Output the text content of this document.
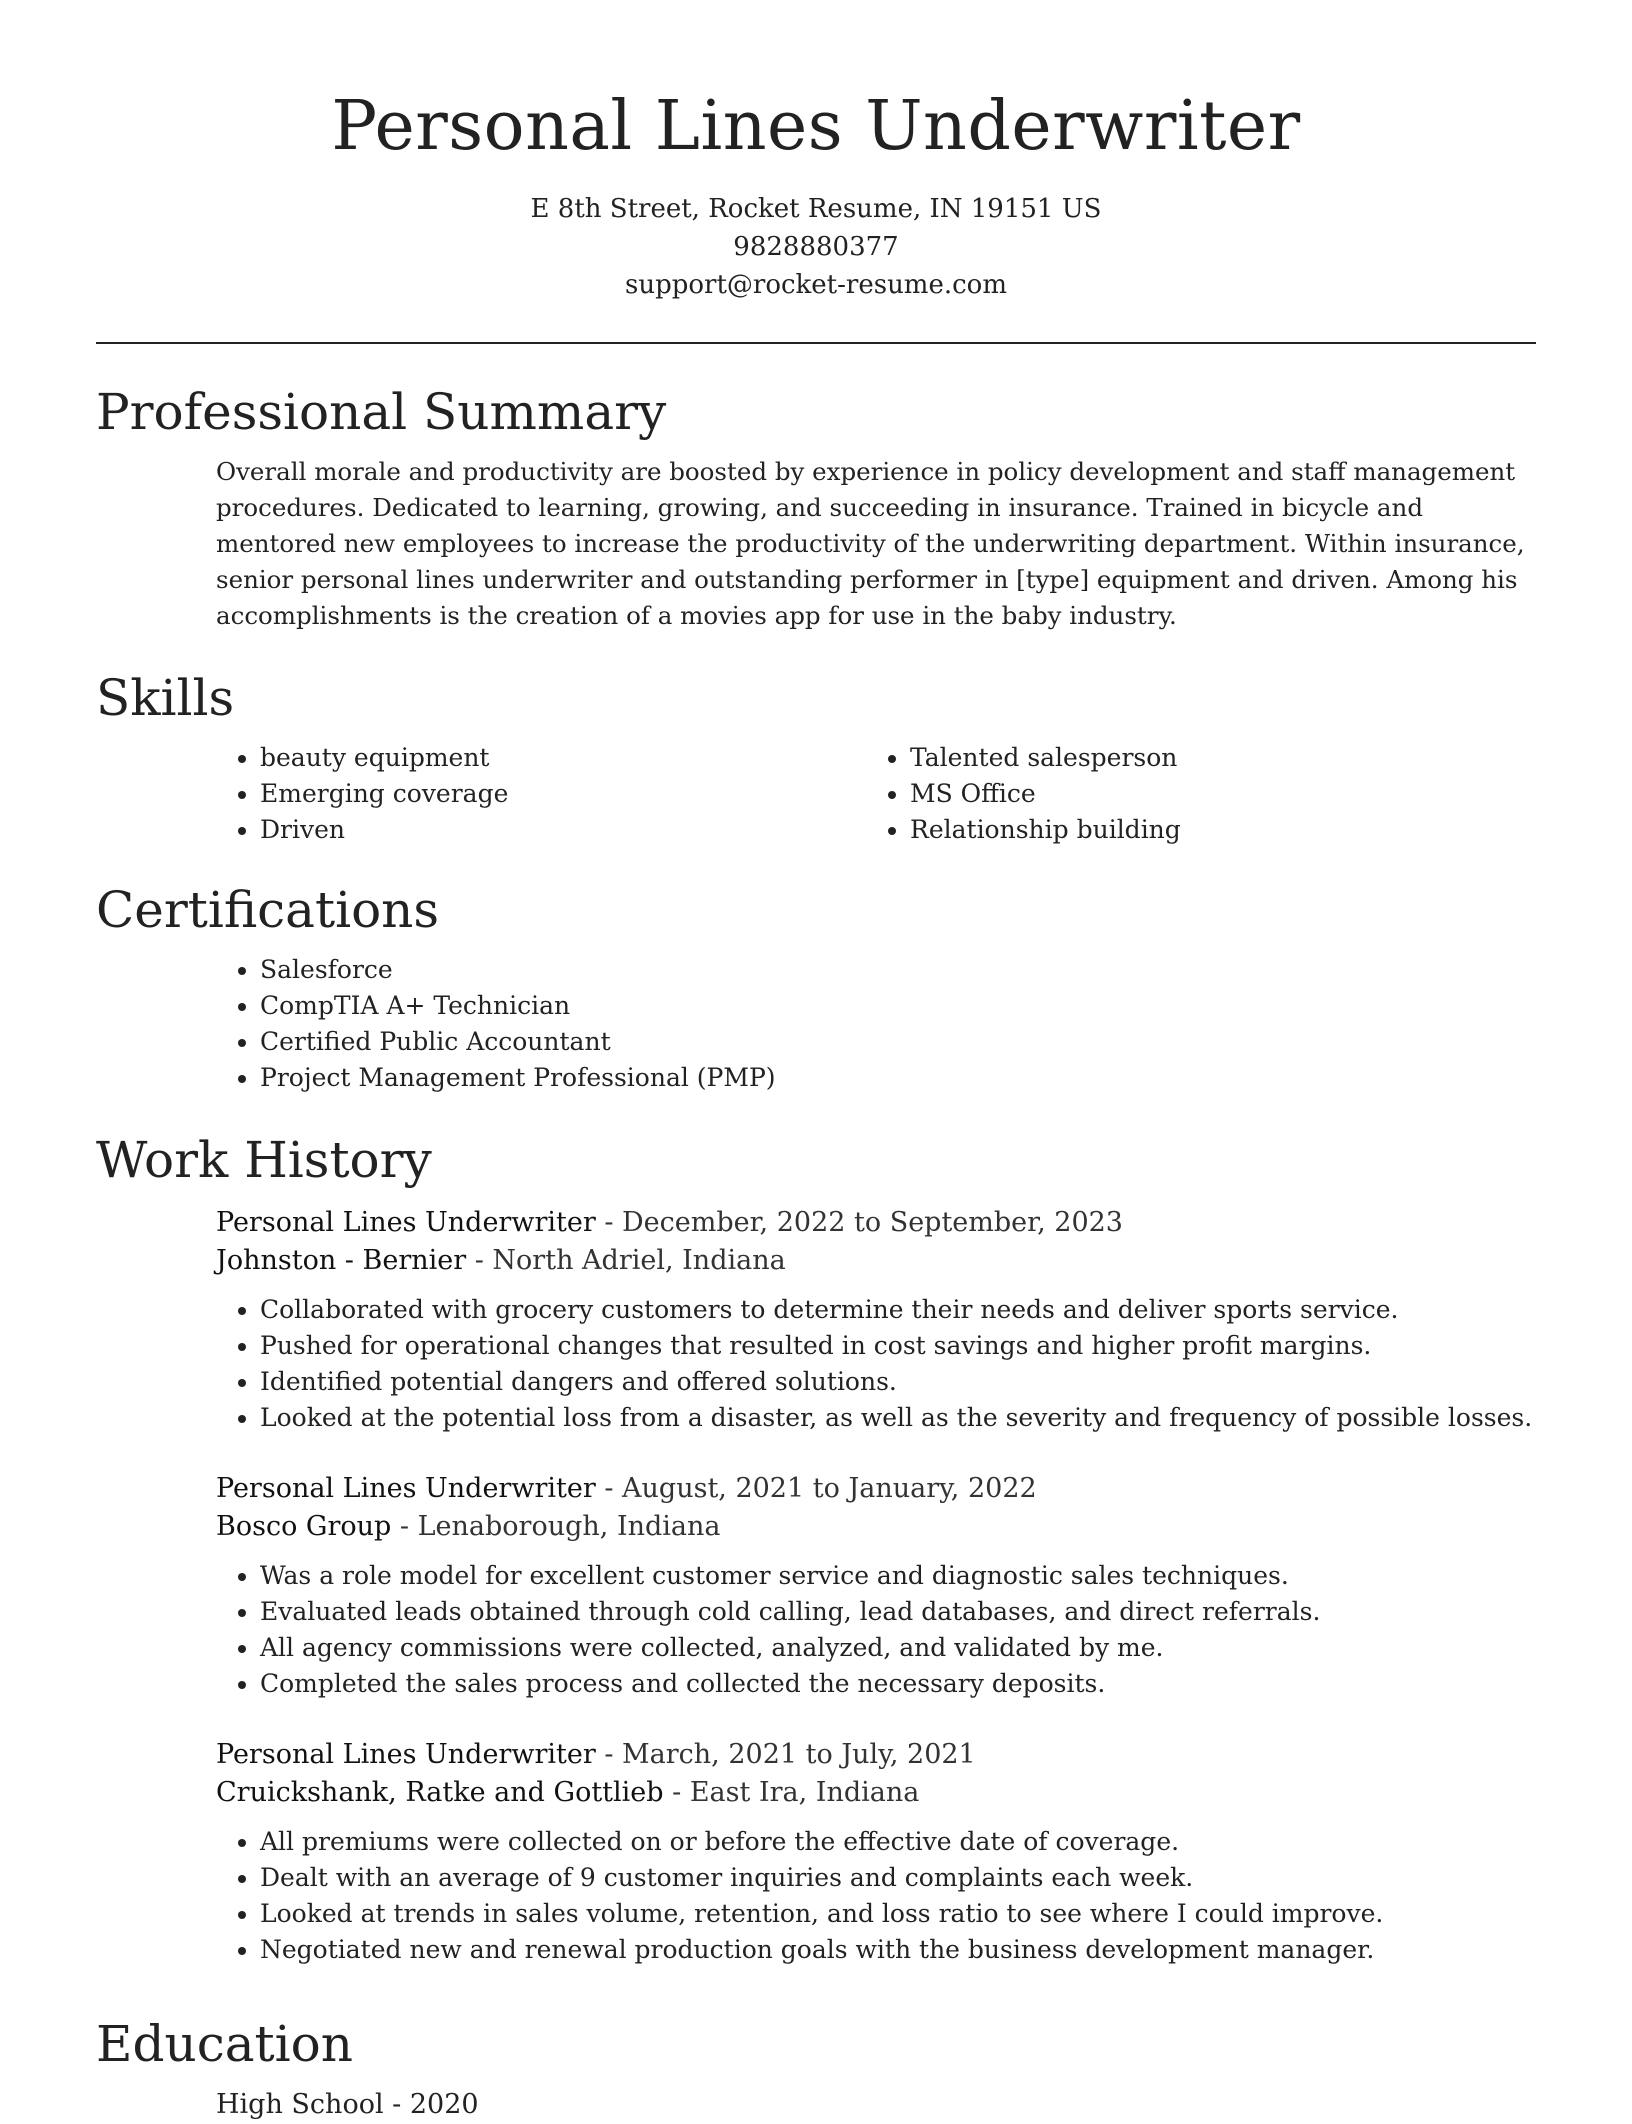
Personal Lines Underwriter
E 8th Street, Rocket Resume, IN 19151 US
9828880377
support@rocket-resume.com
Professional Summary

Overall morale and productivity are boosted by experience in policy development and staff management procedures. Dedicated to learning, growing, and succeeding in insurance. Trained in bicycle and mentored new employees to increase the productivity of the underwriting department. Within insurance, senior personal lines underwriter and outstanding performer in [type] equipment and driven. Among his accomplishments is the creation of a movies app for use in the baby industry.

Skills
• beauty equipment
• Emerging coverage
• Driven
• Talented salesperson
• MS Office
• Relationship building
Certifications
• Salesforce
• CompTIA A+ Technician
• Certified Public Accountant
• Project Management Professional (PMP)
Work History
Personal Lines Underwriter - December, 2022 to September, 2023
Johnston - Bernier - North Adriel, Indiana
• Collaborated with grocery customers to determine their needs and deliver sports service.
• Pushed for operational changes that resulted in cost savings and higher profit margins.
• Identified potential dangers and offered solutions.
• Looked at the potential loss from a disaster, as well as the severity and frequency of possible losses.
Personal Lines Underwriter - August, 2021 to January, 2022
Bosco Group - Lenaborough, Indiana
• Was a role model for excellent customer service and diagnostic sales techniques.
• Evaluated leads obtained through cold calling, lead databases, and direct referrals.
• All agency commissions were collected, analyzed, and validated by me.
• Completed the sales process and collected the necessary deposits.
Personal Lines Underwriter - March, 2021 to July, 2021
Cruickshank, Ratke and Gottlieb - East Ira, Indiana
• All premiums were collected on or before the effective date of coverage.
• Dealt with an average of 9 customer inquiries and complaints each week.
• Looked at trends in sales volume, retention, and loss ratio to see where I could improve.
• Negotiated new and renewal production goals with the business development manager.
Education
High School - 2020
